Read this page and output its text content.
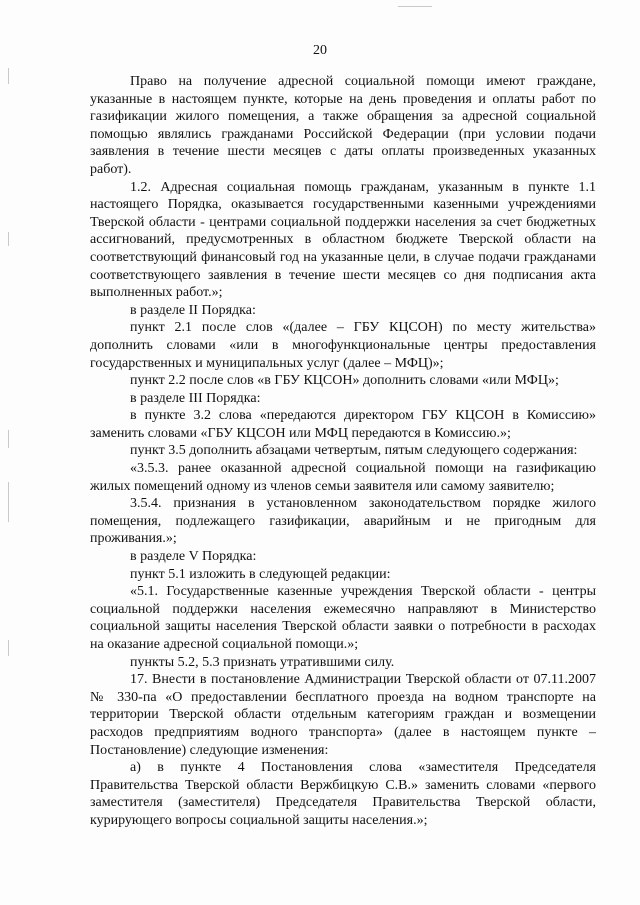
20

Право на получение адресной социальной помощи имеют граждане, указанные в настоящем пункте, которые на день проведения и оплаты работ по газификации жилого помещения, а также обращения за адресной социальной помощью являлись гражданами Российской Федерации (при условии подачи заявления в течение шести месяцев с даты оплаты произведенных указанных работ).

1.2. Адресная социальная помощь гражданам, указанным в пункте 1.1 настоящего Порядка, оказывается государственными казенными учреждениями Тверской области - центрами социальной поддержки населения за счет бюджетных ассигнований, предусмотренных в областном бюджете Тверской области на соответствующий финансовый год на указанные цели, в случае подачи гражданами соответствующего заявления в течение шести месяцев со дня подписания акта выполненных работ.»;

в разделе II Порядка:

пункт 2.1 после слов «(далее – ГБУ КЦСОН) по месту жительства» дополнить словами «или в многофункциональные центры предоставления государственных и муниципальных услуг (далее – МФЦ)»;

пункт 2.2 после слов «в ГБУ КЦСОН» дополнить словами «или МФЦ»;

в разделе III Порядка:

в пункте 3.2 слова «передаются директором ГБУ КЦСОН в Комиссию» заменить словами «ГБУ КЦСОН или МФЦ передаются в Комиссию.»;

пункт 3.5 дополнить абзацами четвертым, пятым следующего содержания:

«3.5.3. ранее оказанной адресной социальной помощи на газификацию жилых помещений одному из членов семьи заявителя или самому заявителю;

3.5.4. признания в установленном законодательством порядке жилого помещения, подлежащего газификации, аварийным и не пригодным для проживания.»;

в разделе V Порядка:

пункт 5.1 изложить в следующей редакции:

«5.1. Государственные казенные учреждения Тверской области - центры социальной поддержки населения ежемесячно направляют в Министерство социальной защиты населения Тверской области заявки о потребности в расходах на оказание адресной социальной помощи.»;

пункты 5.2, 5.3 признать утратившими силу.

17. Внести в постановление Администрации Тверской области от 07.11.2007 № 330-па «О предоставлении бесплатного проезда на водном транспорте на территории Тверской области отдельным категориям граждан и возмещении расходов предприятиям водного транспорта» (далее в настоящем пункте – Постановление) следующие изменения:

а) в пункте 4 Постановления слова «заместителя Председателя Правительства Тверской области Вержбицкую С.В.» заменить словами «первого заместителя (заместителя) Председателя Правительства Тверской области, курирующего вопросы социальной защиты населения.»;
